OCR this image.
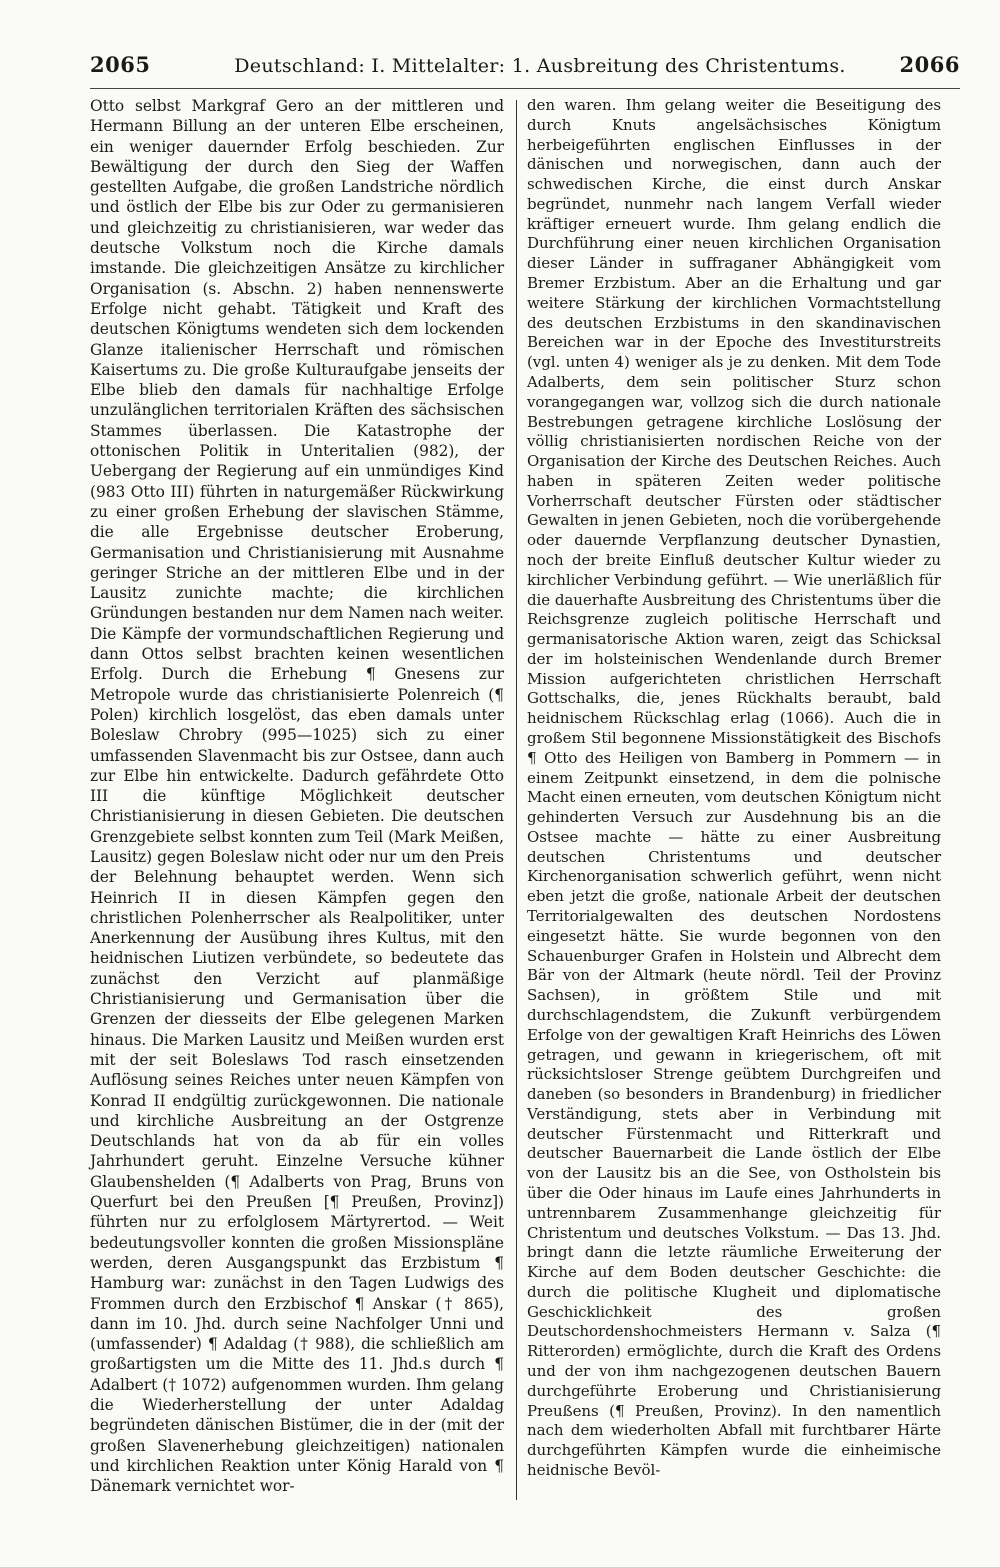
2065	Deutschland: I. Mittelalter: 1. Ausbreitung des Christentums.	2066

Otto selbst Markgraf Gero an der mittleren und Hermann Billung an der unteren Elbe erscheinen, ein weniger dauernder Erfolg beschieden. Zur Bewältigung der durch den Sieg der Waffen gestellten Aufgabe, die großen Landstriche nördlich und östlich der Elbe bis zur Oder zu germanisieren und gleichzeitig zu christianisieren, war weder das deutsche Volkstum noch die Kirche damals imstande. Die gleichzeitigen Ansätze zu kirchlicher Organisation (s. Abschn. 2) haben nennenswerte Erfolge nicht gehabt. Tätigkeit und Kraft des deutschen Königtums wendeten sich dem lockenden Glanze italienischer Herrschaft und römischen Kaisertums zu. Die große Kulturaufgabe jenseits der Elbe blieb den damals für nachhaltige Erfolge unzulänglichen territorialen Kräften des sächsischen Stammes überlassen. Die Katastrophe der ottonischen Politik in Unteritalien (982), der Uebergang der Regierung auf ein unmündiges Kind (983 Otto III) führten in naturgemäßer Rückwirkung zu einer großen Erhebung der slavischen Stämme, die alle Ergebnisse deutscher Eroberung, Germanisation und Christianisierung mit Ausnahme geringer Striche an der mittleren Elbe und in der Lausitz zunichte machte; die kirchlichen Gründungen bestanden nur dem Namen nach weiter. Die Kämpfe der vormundschaftlichen Regierung und dann Ottos selbst brachten keinen wesentlichen Erfolg. Durch die Erhebung ¶ Gnesens zur Metropole wurde das christianisierte Polenreich (¶ Polen) kirchlich losgelöst, das eben damals unter Boleslaw Chrobry (995—1025) sich zu einer umfassenden Slavenmacht bis zur Ostsee, dann auch zur Elbe hin entwickelte. Dadurch gefährdete Otto III die künftige Möglichkeit deutscher Christianisierung in diesen Gebieten. Die deutschen Grenzgebiete selbst konnten zum Teil (Mark Meißen, Lausitz) gegen Boleslaw nicht oder nur um den Preis der Belehnung behauptet werden. Wenn sich Heinrich II in diesen Kämpfen gegen den christlichen Polenherrscher als Realpolitiker, unter Anerkennung der Ausübung ihres Kultus, mit den heidnischen Liutizen verbündete, so bedeutete das zunächst den Verzicht auf planmäßige Christianisierung und Germanisation über die Grenzen der diesseits der Elbe gelegenen Marken hinaus. Die Marken Lausitz und Meißen wurden erst mit der seit Boleslaws Tod rasch einsetzenden Auflösung seines Reiches unter neuen Kämpfen von Konrad II endgültig zurückgewonnen. Die nationale und kirchliche Ausbreitung an der Ostgrenze Deutschlands hat von da ab für ein volles Jahrhundert geruht. Einzelne Versuche kühner Glaubenshelden (¶ Adalberts von Prag, Bruns von Querfurt bei den Preußen [¶ Preußen, Provinz]) führten nur zu erfolglosem Märtyrertod. — Weit bedeutungsvoller konnten die großen Missionspläne werden, deren Ausgangspunkt das Erzbistum ¶ Hamburg war: zunächst in den Tagen Ludwigs des Frommen durch den Erzbischof ¶ Anskar († 865), dann im 10. Jhd. durch seine Nachfolger Unni und (umfassender) ¶ Adaldag († 988), die schließlich am großartigsten um die Mitte des 11. Jhd.s durch ¶ Adalbert († 1072) aufgenommen wurden. Ihm gelang die Wiederherstellung der unter Adaldag begründeten dänischen Bistümer, die in der (mit der großen Slavenerhebung gleichzeitigen) nationalen und kirchlichen Reaktion unter König Harald von ¶ Dänemark vernichtet wor-

den waren. Ihm gelang weiter die Beseitigung des durch Knuts angelsächsisches Königtum herbeigeführten englischen Einflusses in der dänischen und norwegischen, dann auch der schwedischen Kirche, die einst durch Anskar begründet, nunmehr nach langem Verfall wieder kräftiger erneuert wurde. Ihm gelang endlich die Durchführung einer neuen kirchlichen Organisation dieser Länder in suffraganer Abhängigkeit vom Bremer Erzbistum. Aber an die Erhaltung und gar weitere Stärkung der kirchlichen Vormachtstellung des deutschen Erzbistums in den skandinavischen Bereichen war in der Epoche des Investiturstreits (vgl. unten 4) weniger als je zu denken. Mit dem Tode Adalberts, dem sein politischer Sturz schon vorangegangen war, vollzog sich die durch nationale Bestrebungen getragene kirchliche Loslösung der völlig christianisierten nordischen Reiche von der Organisation der Kirche des Deutschen Reiches. Auch haben in späteren Zeiten weder politische Vorherrschaft deutscher Fürsten oder städtischer Gewalten in jenen Gebieten, noch die vorübergehende oder dauernde Verpflanzung deutscher Dynastien, noch der breite Einfluß deutscher Kultur wieder zu kirchlicher Verbindung geführt. — Wie unerläßlich für die dauerhafte Ausbreitung des Christentums über die Reichsgrenze zugleich politische Herrschaft und germanisatorische Aktion waren, zeigt das Schicksal der im holsteinischen Wendenlande durch Bremer Mission aufgerichteten christlichen Herrschaft Gottschalks, die, jenes Rückhalts beraubt, bald heidnischem Rückschlag erlag (1066). Auch die in großem Stil begonnene Missionstätigkeit des Bischofs ¶ Otto des Heiligen von Bamberg in Pommern — in einem Zeitpunkt einsetzend, in dem die polnische Macht einen erneuten, vom deutschen Königtum nicht gehinderten Versuch zur Ausdehnung bis an die Ostsee machte — hätte zu einer Ausbreitung deutschen Christentums und deutscher Kirchenorganisation schwerlich geführt, wenn nicht eben jetzt die große, nationale Arbeit der deutschen Territorialgewalten des deutschen Nordostens eingesetzt hätte. Sie wurde begonnen von den Schauenburger Grafen in Holstein und Albrecht dem Bär von der Altmark (heute nördl. Teil der Provinz Sachsen), in größtem Stile und mit durchschlagendstem, die Zukunft verbürgendem Erfolge von der gewaltigen Kraft Heinrichs des Löwen getragen, und gewann in kriegerischem, oft mit rücksichtsloser Strenge geübtem Durchgreifen und daneben (so besonders in Brandenburg) in friedlicher Verständigung, stets aber in Verbindung mit deutscher Fürstenmacht und Ritterkraft und deutscher Bauernarbeit die Lande östlich der Elbe von der Lausitz bis an die See, von Ostholstein bis über die Oder hinaus im Laufe eines Jahrhunderts in untrennbarem Zusammenhange gleichzeitig für Christentum und deutsches Volkstum. — Das 13. Jhd. bringt dann die letzte räumliche Erweiterung der Kirche auf dem Boden deutscher Geschichte: die durch die politische Klugheit und diplomatische Geschicklichkeit des großen Deutschordenshochmeisters Hermann v. Salza (¶ Ritterorden) ermöglichte, durch die Kraft des Ordens und der von ihm nachgezogenen deutschen Bauern durchgeführte Eroberung und Christianisierung Preußens (¶ Preußen, Provinz). In den namentlich nach dem wiederholten Abfall mit furchtbarer Härte durchgeführten Kämpfen wurde die einheimische heidnische Bevöl-
